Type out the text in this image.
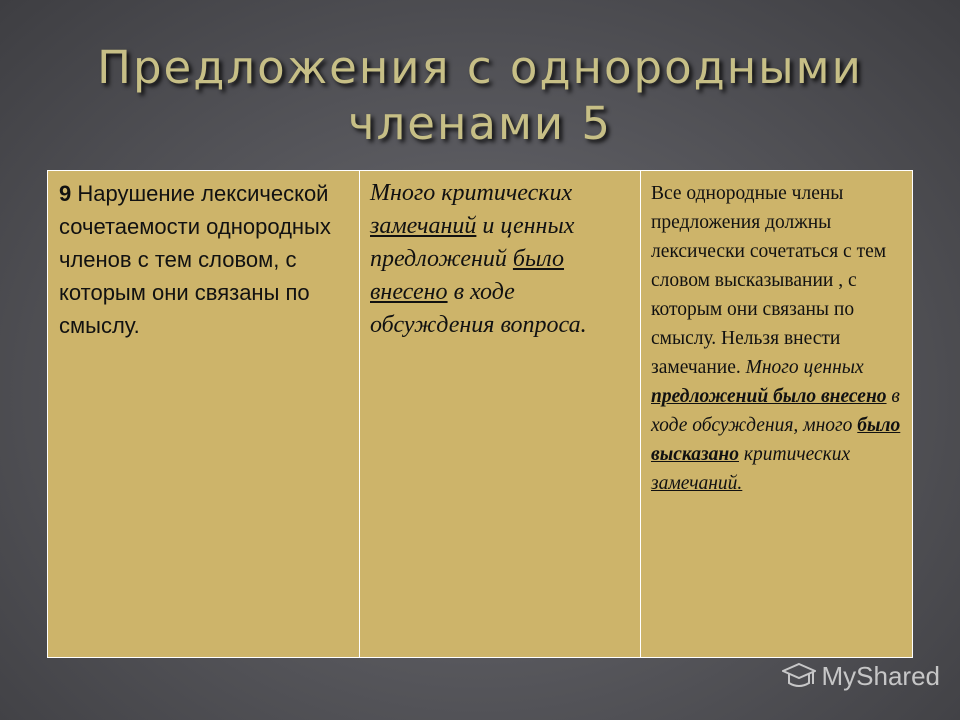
Предложения с однородными
членами 5
9 Нарушение лексической сочетаемости однородных членов с тем словом, с которым они связаны по смыслу.	Много критических замечаний и ценных предложений было внесено в ходе обсуждения вопроса.	Все однородные члены предложения должны лексически сочетаться с тем словом высказывании , с которым они связаны по смыслу. Нельзя внести замечание. Много ценных предложений было внесено в ходе обсуждения, много было высказано критических замечаний.
MyShared
